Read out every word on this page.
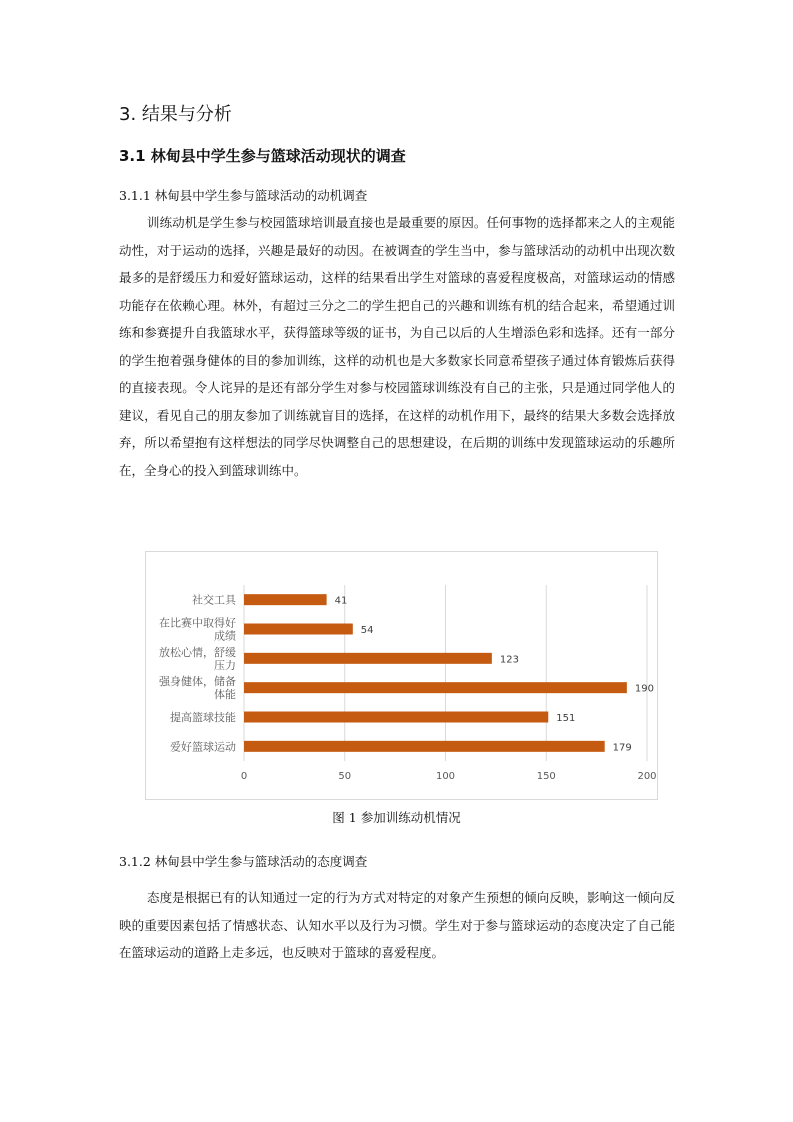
3. 结果与分析
3.1 林甸县中学生参与篮球活动现状的调查
3.1.1 林甸县中学生参与篮球活动的动机调查

训练动机是学生参与校园篮球培训最直接也是最重要的原因。任何事物的选择都来之人的主观能动性，对于运动的选择，兴趣是最好的动因。在被调查的学生当中，参与篮球活动的动机中出现次数最多的是舒缓压力和爱好篮球运动，这样的结果看出学生对篮球的喜爱程度极高，对篮球运动的情感功能存在依赖心理。林外，有超过三分之二的学生把自己的兴趣和训练有机的结合起来，希望通过训练和参赛提升自我篮球水平，获得篮球等级的证书，为自己以后的人生增添色彩和选择。还有一部分的学生抱着强身健体的目的参加训练，这样的动机也是大多数家长同意希望孩子通过体育锻炼后获得的直接表现。令人诧异的是还有部分学生对参与校园篮球训练没有自己的主张，只是通过同学他人的建议，看见自己的朋友参加了训练就盲目的选择，在这样的动机作用下，最终的结果大多数会选择放弃，所以希望抱有这样想法的同学尽快调整自己的思想建设，在后期的训练中发现篮球运动的乐趣所在，全身心的投入到篮球训练中。

0	50	100	150	200
41
社交工具
54
在比赛中取得好
成绩
123
放松心情，舒缓
压力
190
强身健体，储备
体能
151
提高篮球技能
179
爱好篮球运动
图 1 参加训练动机情况
3.1.2 林甸县中学生参与篮球活动的态度调查

态度是根据已有的认知通过一定的行为方式对特定的对象产生预想的倾向反映，影响这一倾向反映的重要因素包括了情感状态、认知水平以及行为习惯。学生对于参与篮球运动的态度决定了自己能在篮球运动的道路上走多远，也反映对于篮球的喜爱程度。
